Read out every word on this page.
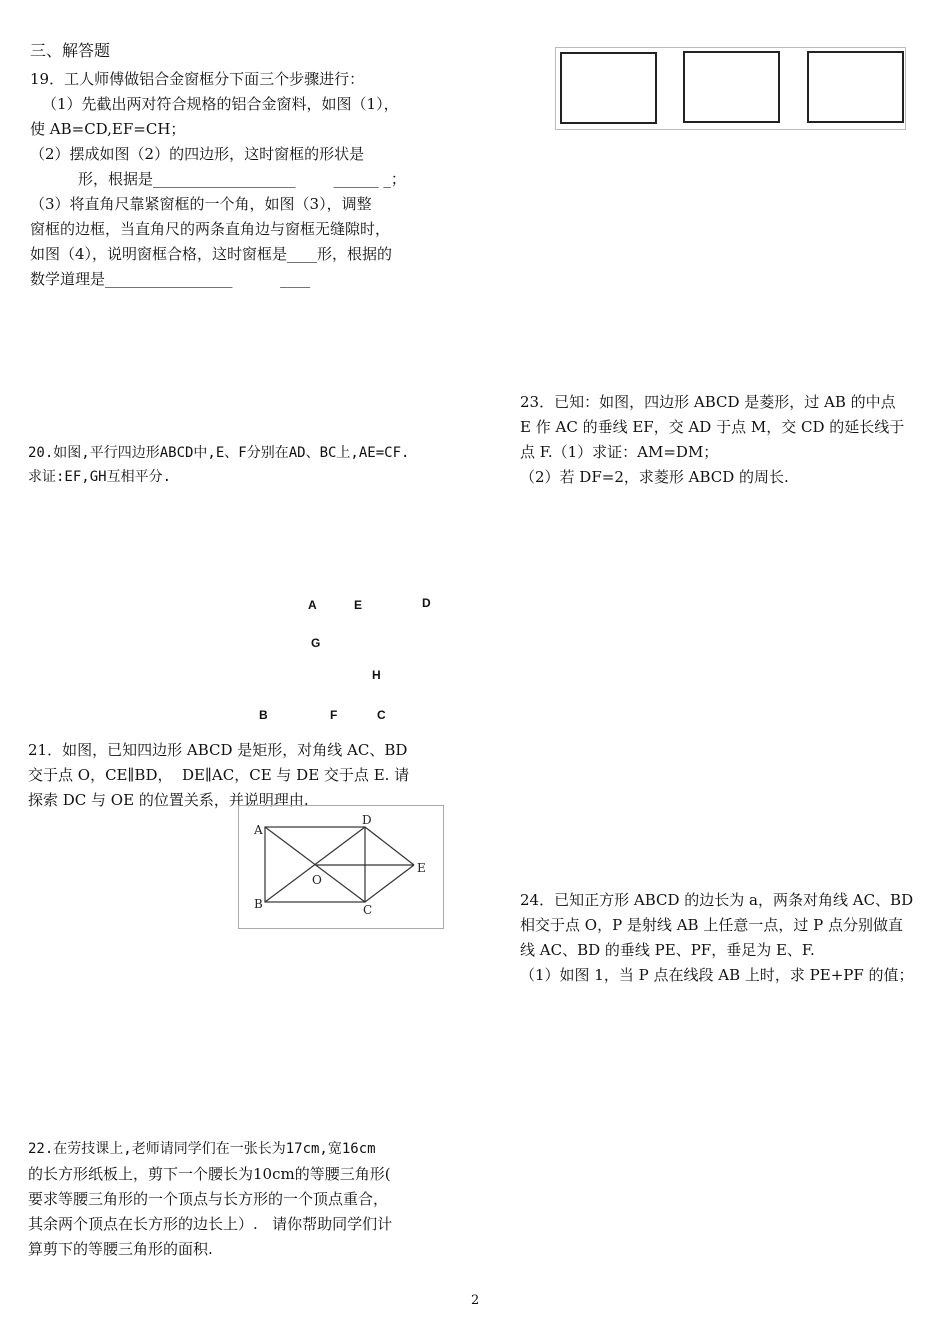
三、解答题
19．工人师傅做铝合金窗框分下面三个步骤进行：
（1）先截出两对符合规格的铝合金窗料，如图（1），
使 AB=CD,EF=CH；
（2）摆成如图（2）的四边形，这时窗框的形状是
形，根据是___________________        ______ _；
（3）将直角尺靠紧窗框的一个角，如图（3），调整
窗框的边框，当直角尺的两条直角边与窗框无缝隙时，
如图（4），说明窗框合格，这时窗框是____形，根据的
数学道理是_________________          ____
20.如图,平行四边形ABCD中,E、F分别在AD、BC上,AE=CF.
求证:EF,GH互相平分.
A	E	D
G
H
B	F	C
21．如图，已知四边形 ABCD 是矩形，对角线 AC、BD
交于点 O，CE∥BD，  DE∥AC，CE 与 DE 交于点 E. 请
探索 DC 与 OE 的位置关系，并说明理由.
A
D
O
E
B	C
22.在劳技课上,老师请同学们在一张长为17cm,宽16cm
的长方形纸板上，剪下一个腰长为10cm的等腰三角形(
要求等腰三角形的一个顶点与长方形的一个顶点重合，
其余两个顶点在长方形的边长上）.   请你帮助同学们计
算剪下的等腰三角形的面积.
23．已知：如图，四边形 ABCD 是菱形，过 AB 的中点
E 作 AC 的垂线 EF，交 AD 于点 M，交 CD 的延长线于
点 F.（1）求证：AM=DM；
（2）若 DF=2，求菱形 ABCD 的周长.
24．已知正方形 ABCD 的边长为 a，两条对角线 AC、BD
相交于点 O，P 是射线 AB 上任意一点，过 P 点分别做直
线 AC、BD 的垂线 PE、PF，垂足为 E、F.
（1）如图 1，当 P 点在线段 AB 上时，求 PE+PF 的值；
2
